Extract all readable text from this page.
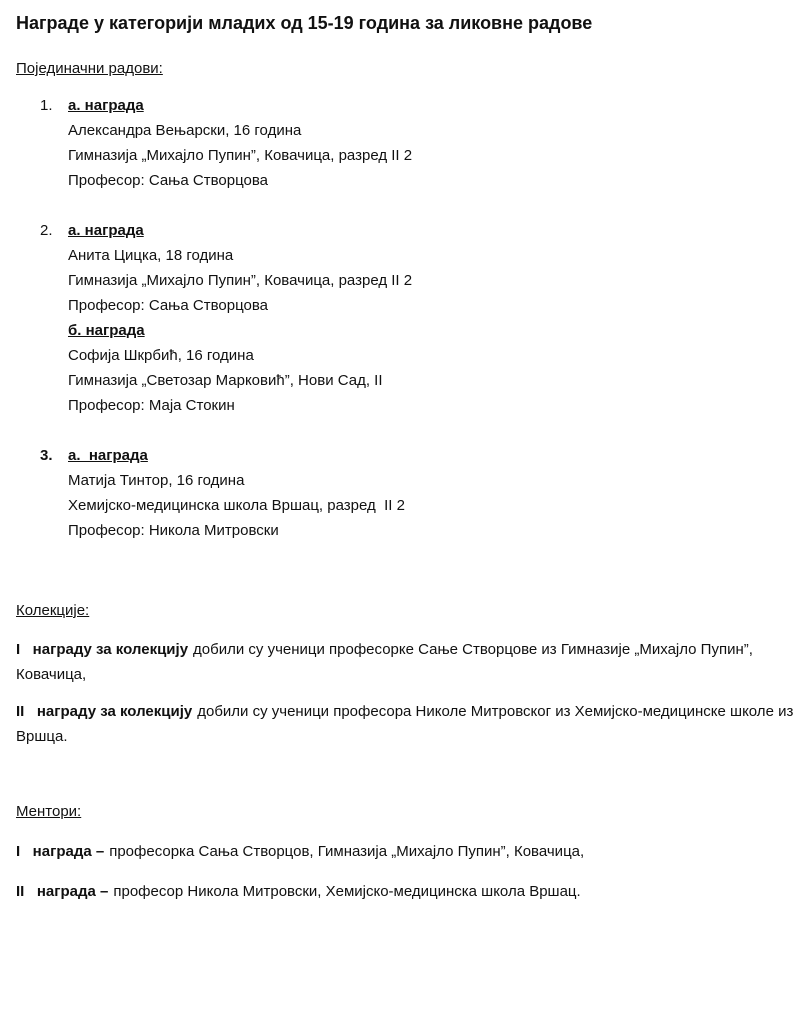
Награде у категорији младих од 15-19 година за ликовне радове
Појединачни радови:
1.	а. награда
Александра Вењарски, 16 година
Гимназија „Михајло Пупин”, Ковачица, разред II 2
Професор: Сања Створцова
2.	а. награда
Анита Цицка, 18 година
Гимназија „Михајло Пупин”, Ковачица, разред II 2
Професор: Сања Створцова
б. награда
Софија Шкрбић, 16 година
Гимназија „Светозар Марковић”, Нови Сад, II
Професор: Маја Стокин
3.	а.  награда
Матија Тинтор, 16 година
Хемијско-медицинска школа Вршац, разред  II 2
Професор: Никола Митровски
Колекције:
I   награду за колекцију добили су ученици професорке Сање Створцове из Гимназије „Михајло Пупин”,
Ковачица,
II   награду за колекцију добили су ученици професора Николе Митровског из Хемијско-медицинске школе из
Вршца.
Ментори:
I   награда – професорка Сања Створцов, Гимназија „Михајло Пупин”, Ковачица,
II   награда – професор Никола Митровски, Хемијско-медицинска школа Вршац.
